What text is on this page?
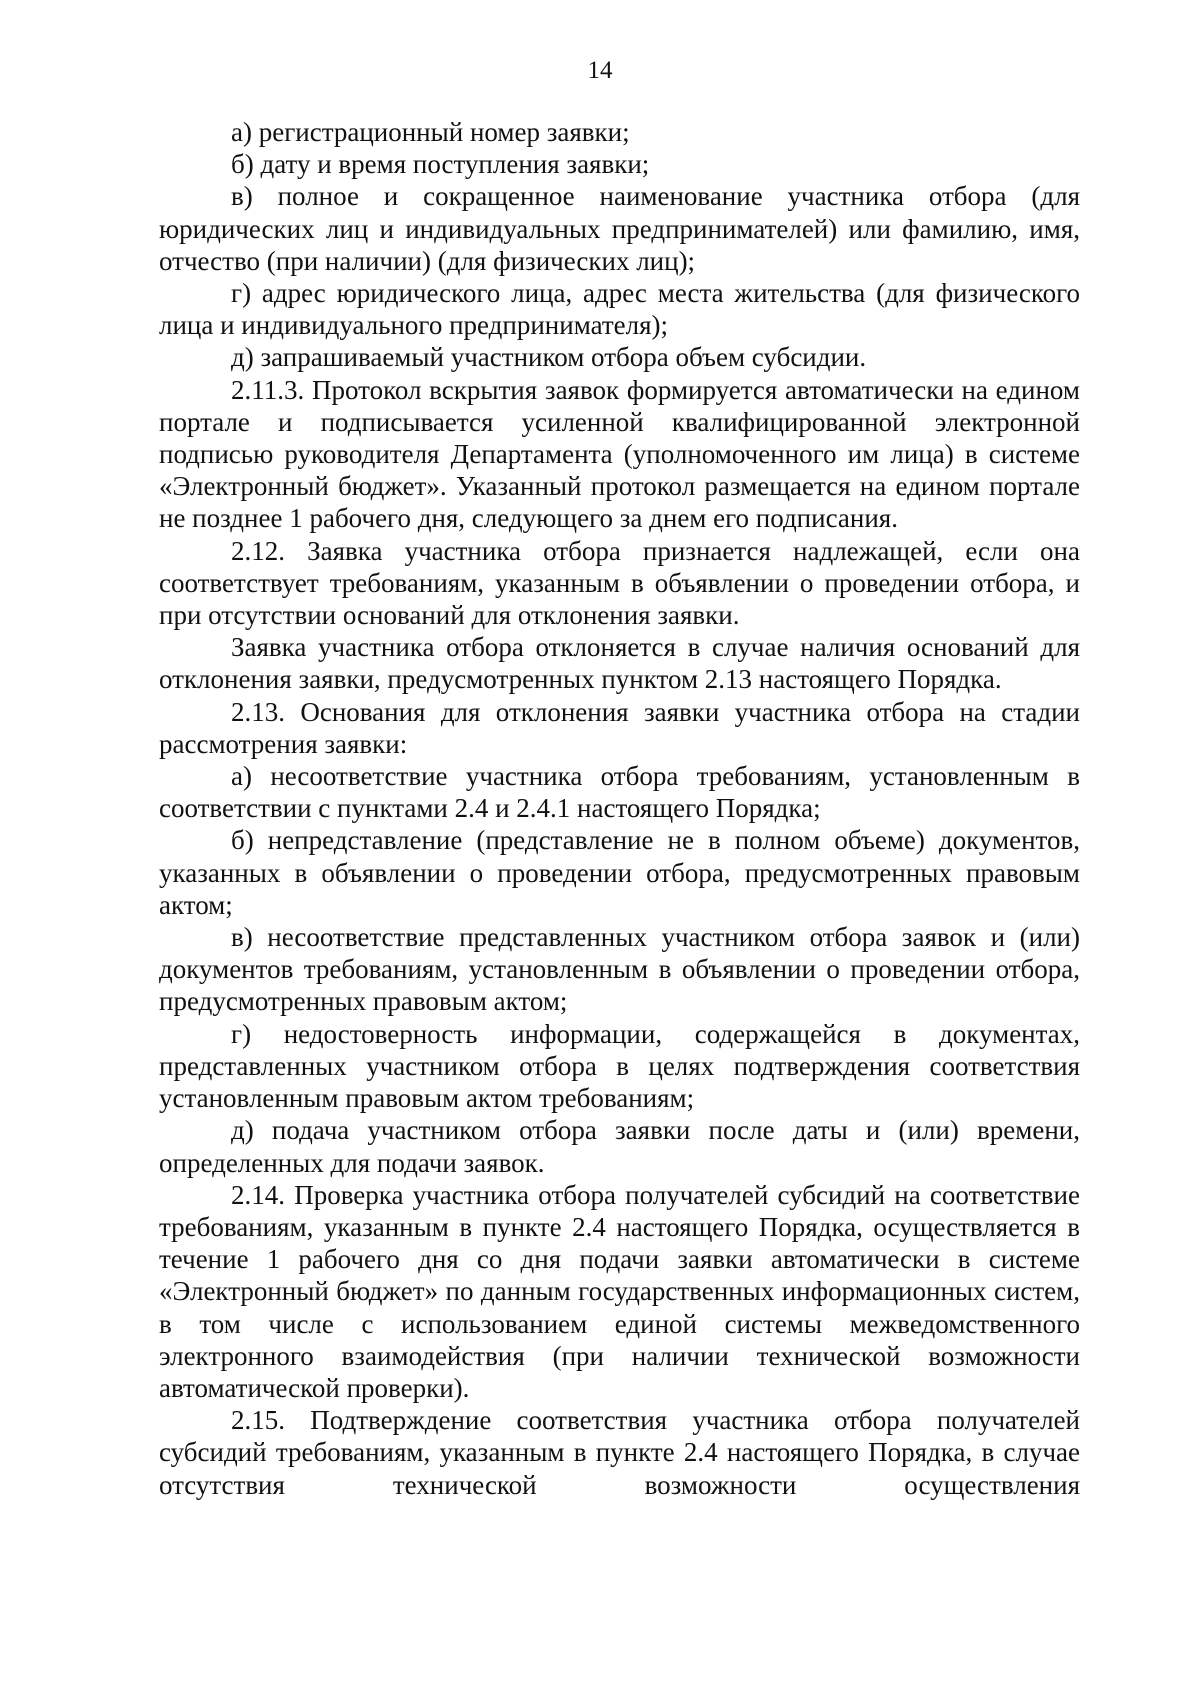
14

а) регистрационный номер заявки;

б) дату и время поступления заявки;

в) полное и сокращенное наименование участника отбора (для юридических лиц и индивидуальных предпринимателей) или фамилию, имя, отчество (при наличии) (для физических лиц);

г) адрес юридического лица, адрес места жительства (для физического лица и индивидуального предпринимателя);

д) запрашиваемый участником отбора объем субсидии.

2.11.3. Протокол вскрытия заявок формируется автоматически на едином портале и подписывается усиленной квалифицированной электронной подписью руководителя Департамента (уполномоченного им лица) в системе «Электронный бюджет». Указанный протокол размещается на едином портале не позднее 1 рабочего дня, следующего за днем его подписания.

2.12. Заявка участника отбора признается надлежащей, если она соответствует требованиям, указанным в объявлении о проведении отбора, и при отсутствии оснований для отклонения заявки.

Заявка участника отбора отклоняется в случае наличия оснований для отклонения заявки, предусмотренных пунктом 2.13 настоящего Порядка.

2.13. Основания для отклонения заявки участника отбора на стадии рассмотрения заявки:

а) несоответствие участника отбора требованиям, установленным в соответствии с пунктами 2.4 и 2.4.1 настоящего Порядка;

б) непредставление (представление не в полном объеме) документов, указанных в объявлении о проведении отбора, предусмотренных правовым актом;

в) несоответствие представленных участником отбора заявок и (или) документов требованиям, установленным в объявлении о проведении отбора, предусмотренных правовым актом;

г) недостоверность информации, содержащейся в документах, представленных участником отбора в целях подтверждения соответствия установленным правовым актом требованиям;

д) подача участником отбора заявки после даты и (или) времени, определенных для подачи заявок.

2.14. Проверка участника отбора получателей субсидий на соответствие требованиям, указанным в пункте 2.4 настоящего Порядка, осуществляется в течение 1 рабочего дня со дня подачи заявки автоматически в системе «Электронный бюджет» по данным государственных информационных систем, в том числе с использованием единой системы межведомственного электронного взаимодействия (при наличии технической возможности автоматической проверки).

2.15. Подтверждение соответствия участника отбора получателей субсидий требованиям, указанным в пункте 2.4 настоящего Порядка, в случае отсутствия технической возможности осуществления
